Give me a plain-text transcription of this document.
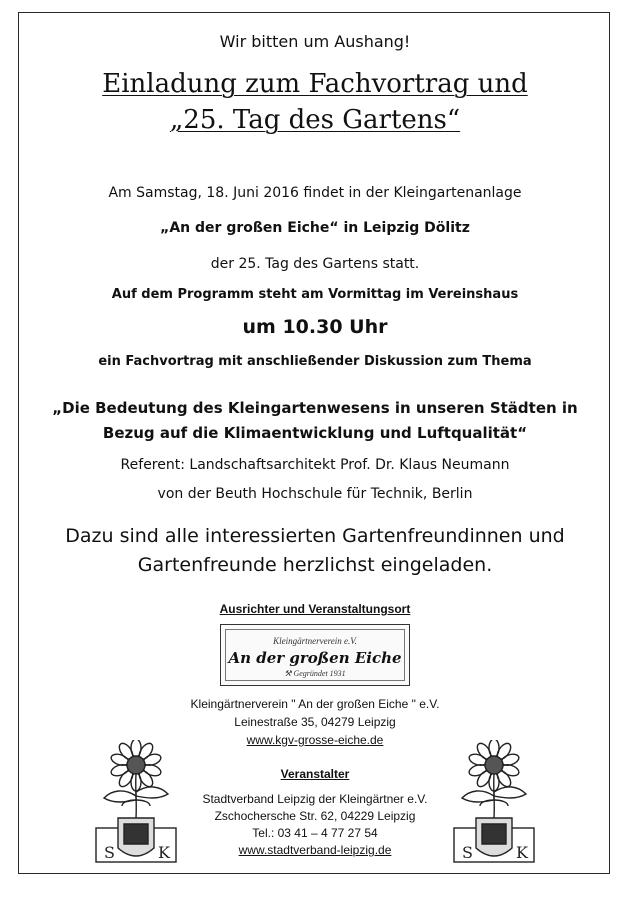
Wir bitten um Aushang!
Einladung zum Fachvortrag und
„25. Tag des Gartens“
Am Samstag, 18. Juni 2016 findet in der Kleingartenanlage
„An der großen Eiche“ in Leipzig Dölitz
der 25. Tag des Gartens statt.
Auf dem Programm steht am Vormittag im Vereinshaus
um 10.30 Uhr
ein Fachvortrag mit anschließender Diskussion zum Thema
„Die Bedeutung des Kleingartenwesens in unseren Städten in
Bezug auf die Klimaentwicklung und Luftqualität“
Referent: Landschaftsarchitekt Prof. Dr. Klaus Neumann
von der Beuth Hochschule für Technik, Berlin
Dazu sind alle interessierten Gartenfreundinnen und
Gartenfreunde herzlichst eingeladen.
Ausrichter und Veranstaltungsort
Kleingärtnerverein e.V.
An der großen Eiche
⚒ Gegründet 1931
Kleingärtnerverein " An der großen Eiche " e.V.
Leinestraße 35, 04279 Leipzig
www.kgv-grosse-eiche.de
Veranstalter
Stadtverband Leipzig der Kleingärtner e.V.
Zschochersche Str. 62, 04229 Leipzig
Tel.: 03 41 – 4 77 27 54
www.stadtverband-leipzig.de
S	K	S	K
